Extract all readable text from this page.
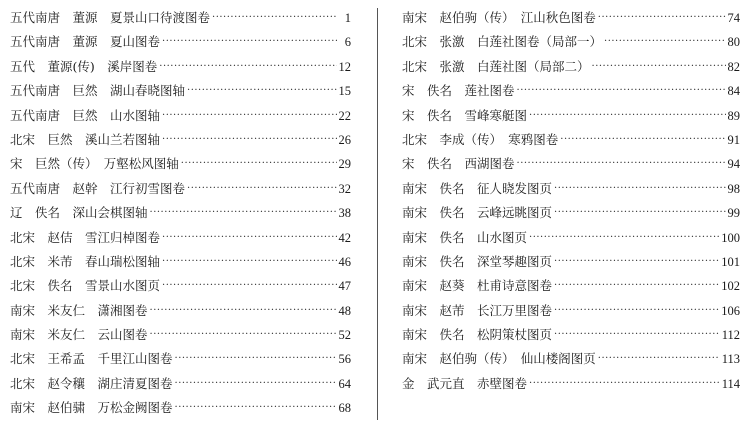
五代南唐　董源　夏景山口待渡图卷 ·····	1
五代南唐　董源　夏山图卷 ·····	6
五代　董源(传)　溪岸图卷 ·····	12
五代南唐　巨然　湖山春晓图轴 ·····	15
五代南唐　巨然　山水图轴 ·····	22
北宋　巨然　溪山兰若图轴 ·····	26
宋　巨然（传）　万壑松风图轴 ·····	29
五代南唐　赵幹　江行初雪图卷 ·····	32
辽　佚名　深山会棋图轴 ·····	38
北宋　赵佶　雪江归棹图卷 ·····	42
北宋　米芾　春山瑞松图轴 ·····	46
北宋　佚名　雪景山水图页 ·····	47
南宋　米友仁　潇湘图卷 ·····	48
南宋　米友仁　云山图卷 ·····	52
北宋　王希孟　千里江山图卷 ·····	56
北宋　赵令穰　湖庄清夏图卷 ·····	64
南宋　赵伯骕　万松金阙图卷 ·····	68
南宋　赵伯驹（传）　江山秋色图卷 ·····	74
北宋　张激　白莲社图卷（局部一） ·····	80
北宋　张激　白莲社图（局部二） ·····	82
宋　佚名　莲社图卷 ·····	84
宋　佚名　雪峰寒艇图 ·····	89
北宋　李成（传）　寒鸦图卷 ·····	91
宋　佚名　西湖图卷 ·····	94
南宋　佚名　征人晓发图页 ·····	98
南宋　佚名　云峰远眺图页 ·····	99
南宋　佚名　山水图页 ·····	100
南宋　佚名　深堂琴趣图页 ·····	101
南宋　赵葵　杜甫诗意图卷 ·····	102
南宋　赵芾　长江万里图卷 ·····	106
南宋　佚名　松阴策杖图页 ·····	112
南宋　赵伯驹（传）　仙山楼阁图页 ·····	113
金　武元直　赤壁图卷 ·····	114
